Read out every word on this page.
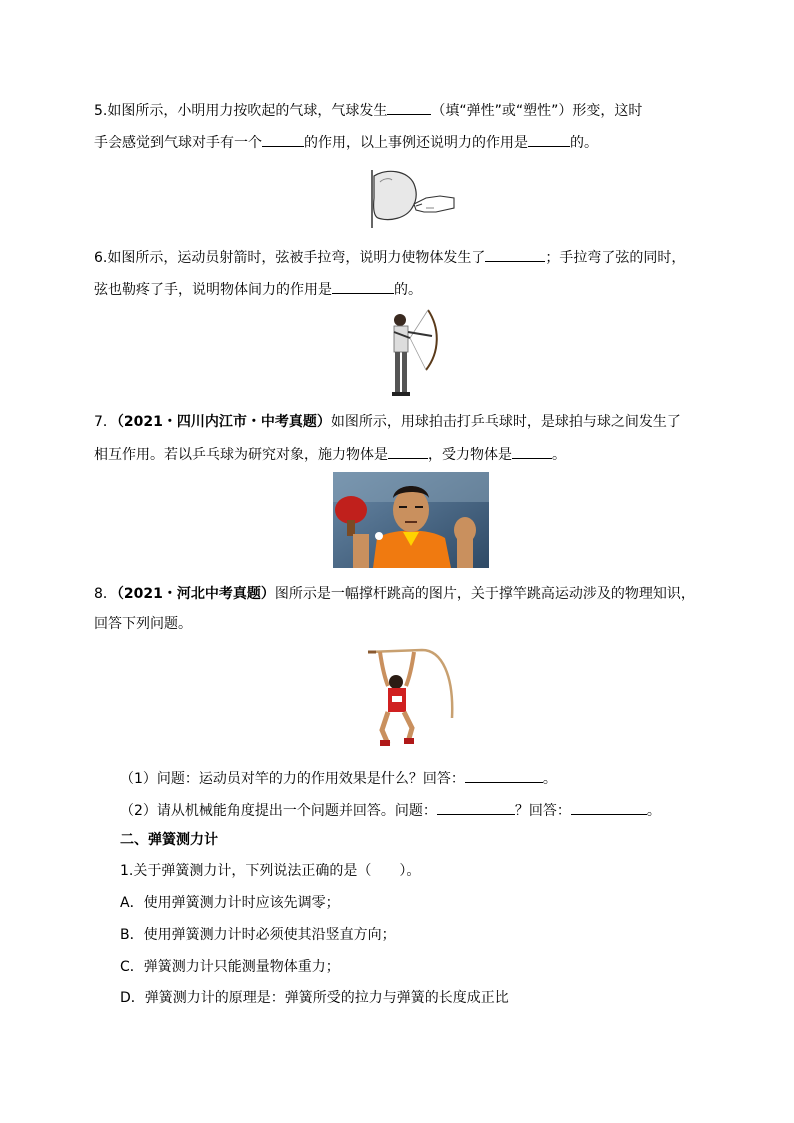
5.如图所示，小明用力按吹起的气球，气球发生	（填“弹性”或“塑性”）形变，这时
手会感觉到气球对手有一个	的作用，以上事例还说明力的作用是	的。
6.如图所示，运动员射箭时，弦被手拉弯，说明力使物体发生了	；手拉弯了弦的同时，
弦也勒疼了手，说明物体间力的作用是	的。
7．（2021・四川内江市・中考真题）如图所示，用球拍击打乒乓球时，是球拍与球之间发生了
相互作用。若以乒乓球为研究对象，施力物体是	，受力物体是	。
8．（2021・河北中考真题）图所示是一幅撑杆跳高的图片，关于撑竿跳高运动涉及的物理知识，
回答下列问题。
（1）问题：运动员对竿的力的作用效果是什么？回答：	。
（2）请从机械能角度提出一个问题并回答。问题：	？回答：	。
二、弹簧测力计
1.关于弹簧测力计，下列说法正确的是（　　）。
A．使用弹簧测力计时应该先调零；
B．使用弹簧测力计时必须使其沿竖直方向；
C．弹簧测力计只能测量物体重力；
D．弹簧测力计的原理是：弹簧所受的拉力与弹簧的长度成正比
